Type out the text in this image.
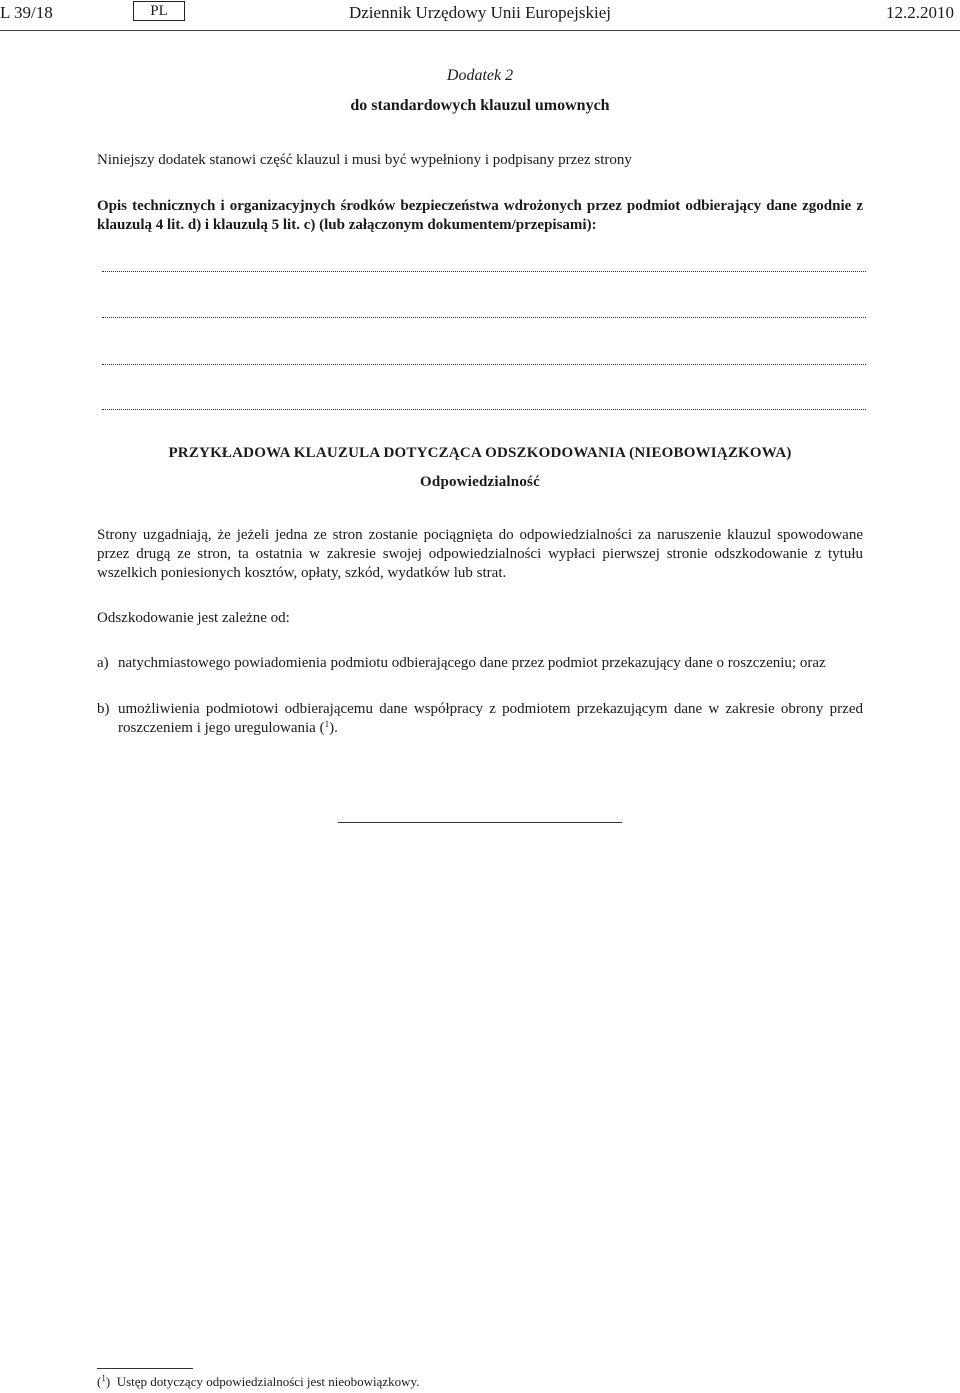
L 39/18	PL	Dziennik Urzędowy Unii Europejskiej	12.2.2010
Dodatek 2
do standardowych klauzul umownych
Niniejszy dodatek stanowi część klauzul i musi być wypełniony i podpisany przez strony
Opis technicznych i organizacyjnych środków bezpieczeństwa wdrożonych przez podmiot odbierający dane zgodnie z klauzulą 4 lit. d) i klauzulą 5 lit. c) (lub załączonym dokumentem/przepisami):
PRZYKŁADOWA KLAUZULA DOTYCZĄCA ODSZKODOWANIA (NIEOBOWIĄZKOWA)
Odpowiedzialność
Strony uzgadniają, że jeżeli jedna ze stron zostanie pociągnięta do odpowiedzialności za naruszenie klauzul spowodowane przez drugą ze stron, ta ostatnia w zakresie swojej odpowiedzialności wypłaci pierwszej stronie odszkodowanie z tytułu wszelkich poniesionych kosztów, opłaty, szkód, wydatków lub strat.
Odszkodowanie jest zależne od:
a) natychmiastowego powiadomienia podmiotu odbierającego dane przez podmiot przekazujący dane o roszczeniu; oraz
b) umożliwienia podmiotowi odbierającemu dane współpracy z podmiotem przekazującym dane w zakresie obrony przed roszczeniem i jego uregulowania ($^1$).
($^1$) Ustęp dotyczący odpowiedzialności jest nieobowiązkowy.
